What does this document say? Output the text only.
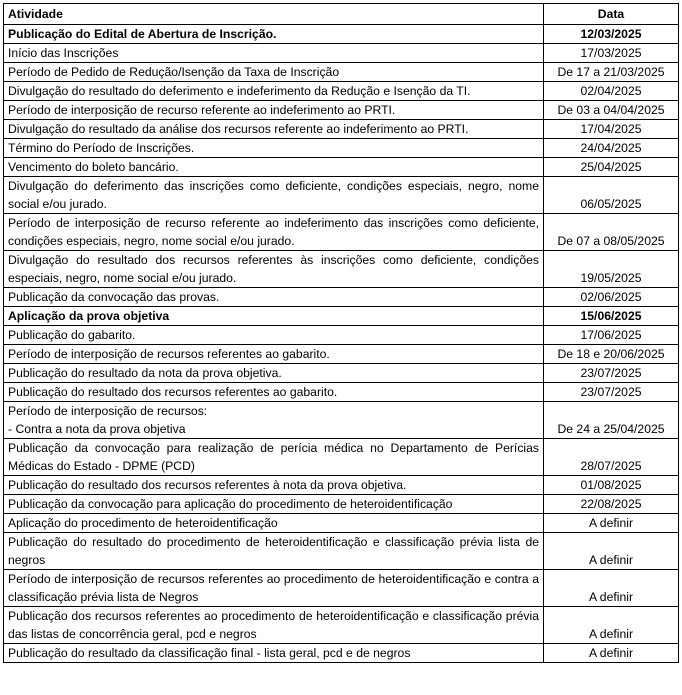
Atividade	Data
Publicação do Edital de Abertura de Inscrição.	12/03/2025
Início das Inscrições	17/03/2025
Período de Pedido de Redução/Isenção da Taxa de Inscrição	De 17 a 21/03/2025
Divulgação do resultado do deferimento e indeferimento da Redução e Isenção da TI.	02/04/2025
Período de interposição de recurso referente ao indeferimento ao PRTI.	De 03 a 04/04/2025
Divulgação do resultado da análise dos recursos referente ao indeferimento ao PRTI.	17/04/2025
Término do Período de Inscrições.	24/04/2025
Vencimento do boleto bancário.	25/04/2025
Divulgação do deferimento das inscrições como deficiente, condições especiais, negro, nome social e/ou jurado.	06/05/2025
Período de interposição de recurso referente ao indeferimento das inscrições como deficiente, condições especiais, negro, nome social e/ou jurado.	De 07 a 08/05/2025
Divulgação do resultado dos recursos referentes às inscrições como deficiente, condições especiais, negro, nome social e/ou jurado.	19/05/2025
Publicação da convocação das provas.	02/06/2025
Aplicação da prova objetiva	15/06/2025
Publicação do gabarito.	17/06/2025
Período de interposição de recursos referentes ao gabarito.	De 18 e 20/06/2025
Publicação do resultado da nota da prova objetiva.	23/07/2025
Publicação do resultado dos recursos referentes ao gabarito.	23/07/2025
Período de interposição de recursos:
- Contra a nota da prova objetiva	De 24 a 25/04/2025
Publicação da convocação para realização de perícia médica no Departamento de Perícias Médicas do Estado - DPME (PCD)	28/07/2025
Publicação do resultado dos recursos referentes à nota da prova objetiva.	01/08/2025
Publicação da convocação para aplicação do procedimento de heteroidentificação	22/08/2025
Aplicação do procedimento de heteroidentificação	A definir
Publicação do resultado do procedimento de heteroidentificação e classificação prévia lista de negros	A definir
Período de interposição de recursos referentes ao procedimento de heteroidentificação e contra a classificação prévia lista de Negros	A definir
Publicação dos recursos referentes ao procedimento de heteroidentificação e classificação prévia das listas de concorrência geral, pcd e negros	A definir
Publicação do resultado da classificação final - lista geral, pcd e de negros	A definir
